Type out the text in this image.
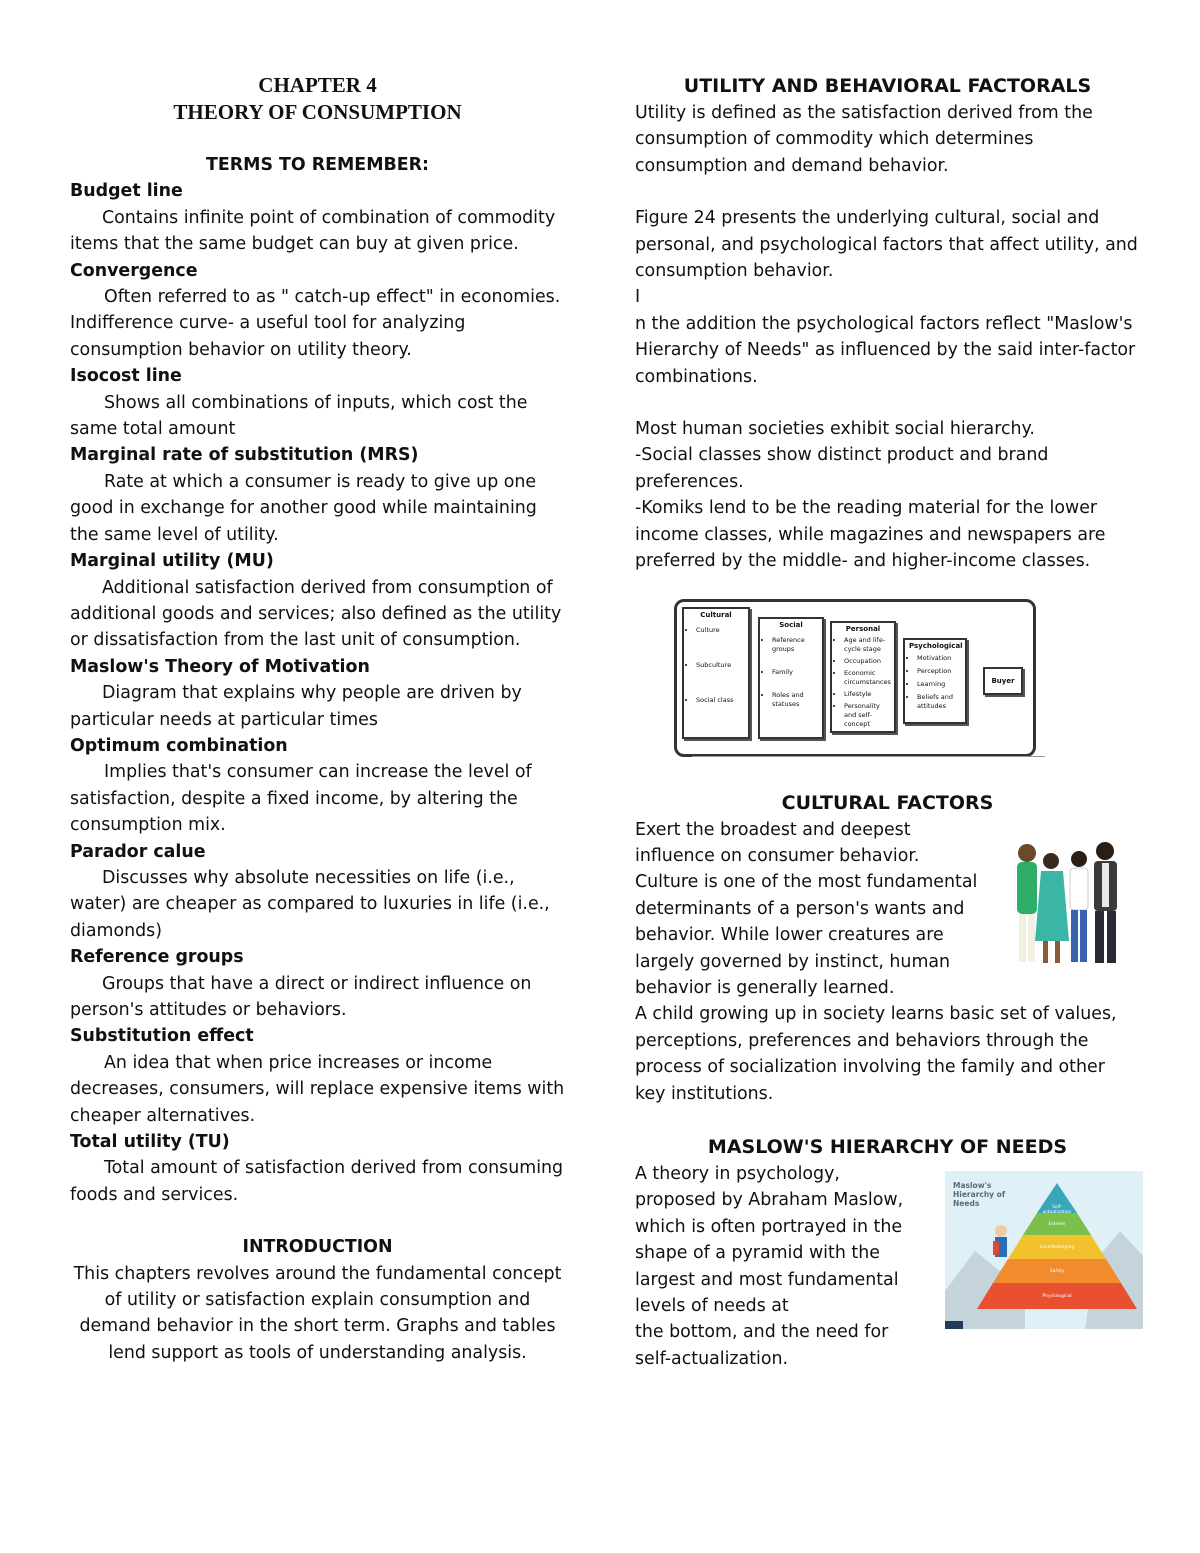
CHAPTER 4
THEORY OF CONSUMPTION
TERMS TO REMEMBER:
Budget line
Contains infinite point of combination of commodity items that the same budget can buy at given price.
Convergence
Often referred to as " catch-up effect" in economies.
Indifference curve- a useful tool for analyzing consumption behavior on utility theory.
Isocost line
Shows all combinations of inputs, which cost the same total amount
Marginal rate of substitution (MRS)
Rate at which a consumer is ready to give up one good in exchange for another good while maintaining the same level of utility.
Marginal utility (MU)
Additional satisfaction derived from consumption of additional goods and services; also defined as the utility or dissatisfaction from the last unit of consumption.
Maslow's Theory of Motivation
Diagram that explains why people are driven by particular needs at particular times
Optimum combination
Implies that's consumer can increase the level of satisfaction, despite a fixed income, by altering the consumption mix.
Parador calue
Discusses why absolute necessities on life (i.e., water) are cheaper as compared to luxuries in life (i.e., diamonds)
Reference groups
Groups that have a direct or indirect influence on person's attitudes or behaviors.
Substitution effect
An idea that when price increases or income decreases, consumers, will replace expensive items with cheaper alternatives.
Total utility (TU)
Total amount of satisfaction derived from consuming foods and services.
INTRODUCTION
This chapters revolves around the fundamental concept of utility or satisfaction explain consumption and demand behavior in the short term. Graphs and tables lend support as tools of understanding analysis.
UTILITY AND BEHAVIORAL FACTORALS

Utility is defined as the satisfaction derived from the consumption of commodity which determines consumption and demand behavior.

Figure 24 presents the underlying cultural, social and personal, and psychological factors that affect utility, and consumption behavior.

I

n the addition the psychological factors reflect "Maslow's Hierarchy of Needs" as influenced by the said inter-factor combinations.

Most human societies exhibit social hierarchy.

-Social classes show distinct product and brand preferences.

-Komiks lend to be the reading material for the lower income classes, while magazines and newspapers are preferred by the middle- and higher-income classes.

Cultural
• Culture
• Subculture
• Social class
Social
• Reference groups
• Family
• Roles and statuses
Personal
• Age and life-cycle stage
• Occupation
• Economic circumstances
• Lifestyle
• Personality and self-concept
Psychological
• Motivation
• Perception
• Learning
• Beliefs and attitudes
Buyer
CULTURAL FACTORS

Exert the broadest and deepest influence on consumer behavior.

Culture is one of the most fundamental determinants of a person's wants and behavior. While lower creatures are largely governed by instinct, human behavior is generally learned.

A child growing up in society learns basic set of values, perceptions, preferences and behaviors through the process of socialization involving the family and other key institutions.

MASLOW'S HIERARCHY OF NEEDS

A theory in psychology, proposed by Abraham Maslow, which is often portrayed in the shape of a pyramid with the largest and most fundamental levels of needs at

the bottom, and the need for self-actualization.

Maslow's Hierarchy of Needs	Self-actualization
Esteem
Love/Belonging
Safety
Physiological
